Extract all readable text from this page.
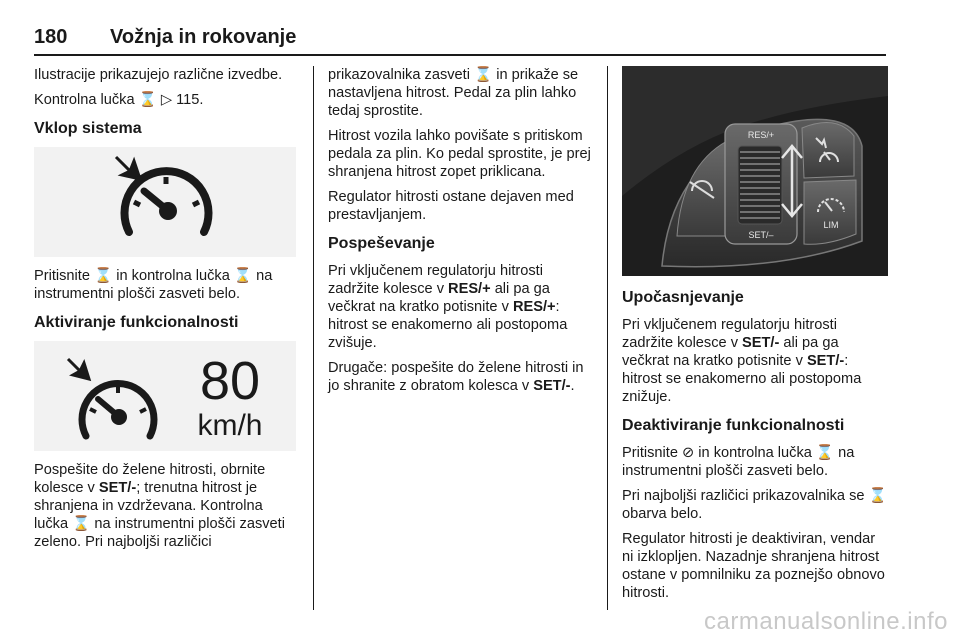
180 Vožnja in rokovanje

Ilustracije prikazujejo različne izvedbe.

Kontrolna lučka ⌛ ▷ 115.

Vklop sistema

Pritisnite ⌛ in kontrolna lučka ⌛ na instrumentni plošči zasveti belo.

Aktiviranje funkcionalnosti
80
km/h

Pospešite do želene hitrosti, obrnite kolesce v SET/-; trenutna hitrost je shranjena in vzdrževana. Kontrolna lučka ⌛ na instrumentni plošči zasveti zeleno. Pri najboljši različici

prikazovalnika zasveti ⌛ in prikaže se nastavljena hitrost. Pedal za plin lahko tedaj sprostite.

Hitrost vozila lahko povišate s pritiskom pedala za plin. Ko pedal sprostite, je prej shranjena hitrost zopet priklicana.

Regulator hitrosti ostane dejaven med prestavljanjem.

Pospeševanje

Pri vključenem regulatorju hitrosti zadržite kolesce v RES/+ ali pa ga večkrat na kratko potisnite v RES/+: hitrost se enakomerno ali postopoma zvišuje.

Drugače: pospešite do želene hitrosti in jo shranite z obratom kolesca v SET/-.

RES/+
SET/–
LIM
Upočasnjevanje

Pri vključenem regulatorju hitrosti zadržite kolesce v SET/- ali pa ga večkrat na kratko potisnite v SET/-: hitrost se enakomerno ali postopoma znižuje.

Deaktiviranje funkcionalnosti

Pritisnite ⊘ in kontrolna lučka ⌛ na instrumentni plošči zasveti belo.

Pri najboljši različici prikazovalnika se ⌛ obarva belo.

Regulator hitrosti je deaktiviran, vendar ni izklopljen. Nazadnje shranjena hitrost ostane v pomnilniku za poznejšo obnovo hitrosti.

carmanualsonline.info
